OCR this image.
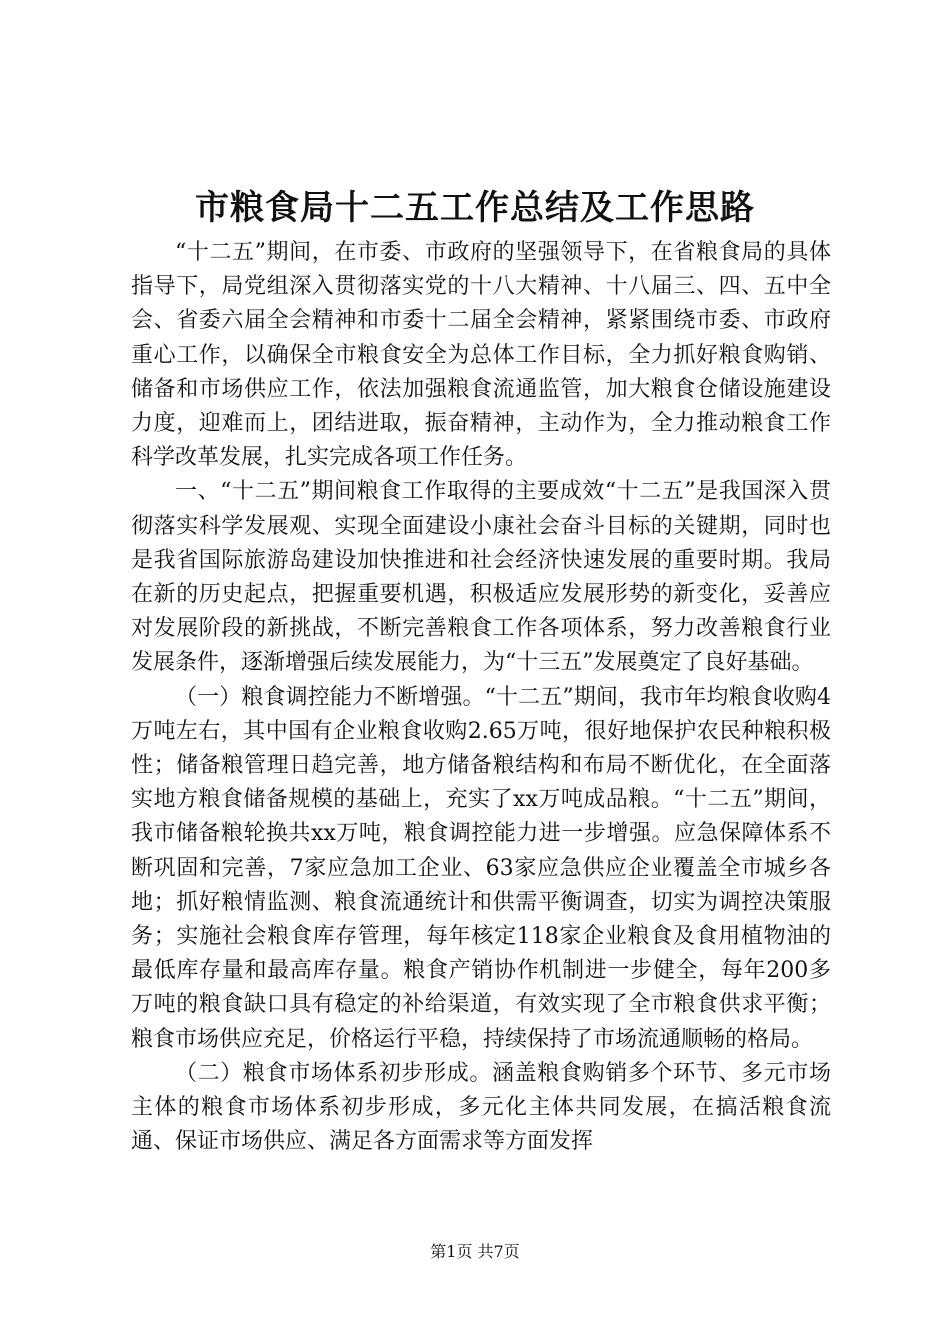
市粮食局十二五工作总结及工作思路

“十二五”期间，在市委、市政府的坚强领导下，在省粮食局的具体指导下，局党组深入贯彻落实党的十八大精神、十八届三、四、五中全会、省委六届全会精神和市委十二届全会精神，紧紧围绕市委、市政府重心工作，以确保全市粮食安全为总体工作目标，全力抓好粮食购销、储备和市场供应工作，依法加强粮食流通监管，加大粮食仓储设施建设力度，迎难而上，团结进取，振奋精神，主动作为，全力推动粮食工作科学改革发展，扎实完成各项工作任务。

一、“十二五”期间粮食工作取得的主要成效“十二五”是我国深入贯彻落实科学发展观、实现全面建设小康社会奋斗目标的关键期，同时也是我省国际旅游岛建设加快推进和社会经济快速发展的重要时期。我局在新的历史起点，把握重要机遇，积极适应发展形势的新变化，妥善应对发展阶段的新挑战，不断完善粮食工作各项体系，努力改善粮食行业发展条件，逐渐增强后续发展能力，为“十三五”发展奠定了良好基础。

（一）粮食调控能力不断增强。“十二五”期间，我市年均粮食收购4万吨左右，其中国有企业粮食收购2.65万吨，很好地保护农民种粮积极性；储备粮管理日趋完善，地方储备粮结构和布局不断优化，在全面落实地方粮食储备规模的基础上，充实了xx万吨成品粮。“十二五”期间，我市储备粮轮换共xx万吨，粮食调控能力进一步增强。应急保障体系不断巩固和完善，7家应急加工企业、63家应急供应企业覆盖全市城乡各地；抓好粮情监测、粮食流通统计和供需平衡调查，切实为调控决策服务；实施社会粮食库存管理，每年核定118家企业粮食及食用植物油的最低库存量和最高库存量。粮食产销协作机制进一步健全，每年200多万吨的粮食缺口具有稳定的补给渠道，有效实现了全市粮食供求平衡；粮食市场供应充足，价格运行平稳，持续保持了市场流通顺畅的格局。

（二）粮食市场体系初步形成。涵盖粮食购销多个环节、多元市场主体的粮食市场体系初步形成，多元化主体共同发展，在搞活粮食流通、保证市场供应、满足各方面需求等方面发挥

第1页 共7页
